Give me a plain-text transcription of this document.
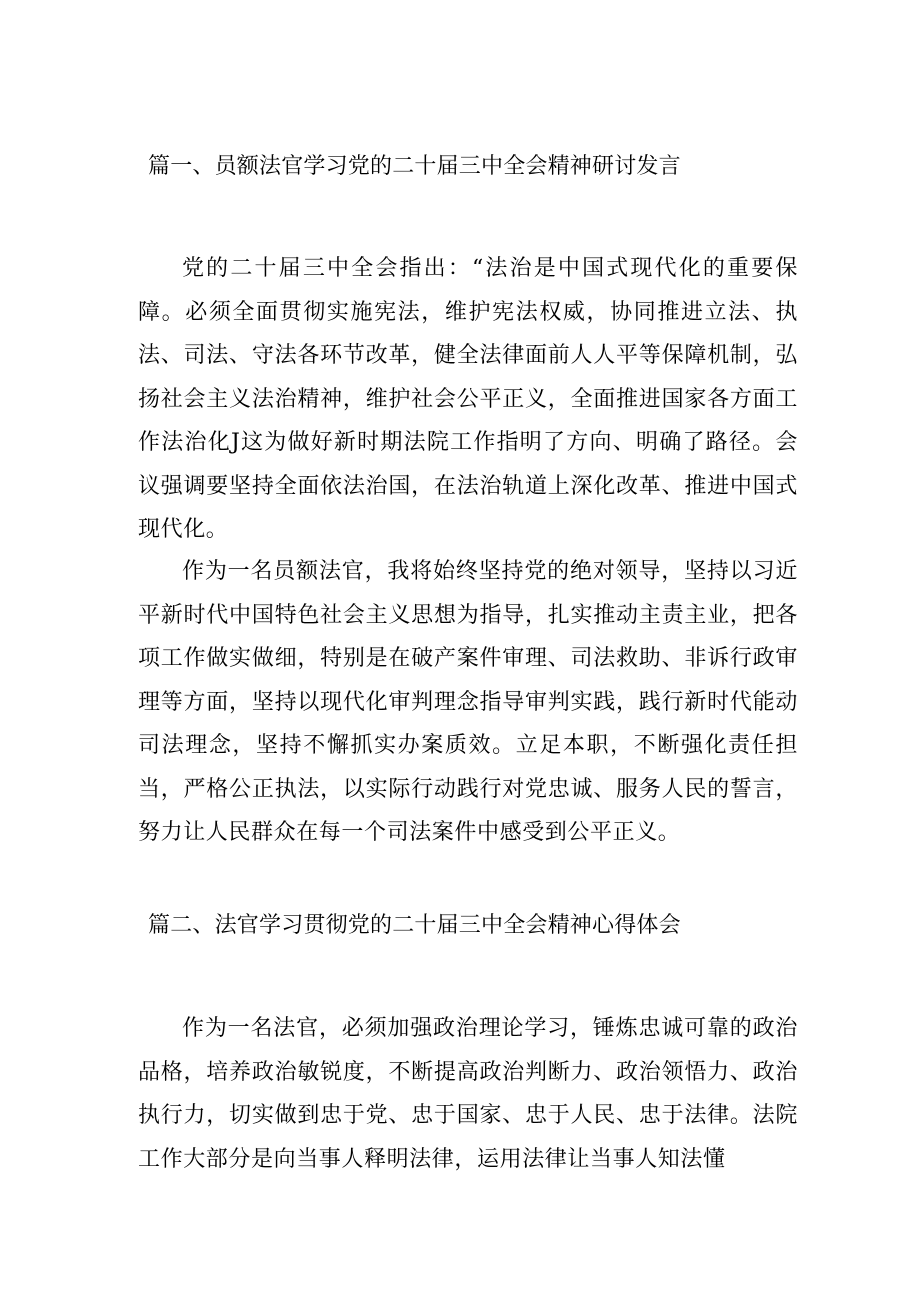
篇一、员额法官学习党的二十届三中全会精神研讨发言

党的二十届三中全会指出：“法治是中国式现代化的重要保障。必须全面贯彻实施宪法，维护宪法权威，协同推进立法、执法、司法、守法各环节改革，健全法律面前人人平等保障机制，弘扬社会主义法治精神，维护社会公平正义，全面推进国家各方面工作法治化J这为做好新时期法院工作指明了方向、明确了路径。会议强调要坚持全面依法治国，在法治轨道上深化改革、推进中国式现代化。

作为一名员额法官，我将始终坚持党的绝对领导，坚持以习近平新时代中国特色社会主义思想为指导，扎实推动主责主业，把各项工作做实做细，特别是在破产案件审理、司法救助、非诉行政审理等方面，坚持以现代化审判理念指导审判实践，践行新时代能动司法理念，坚持不懈抓实办案质效。立足本职，不断强化责任担当，严格公正执法，以实际行动践行对党忠诚、服务人民的誓言，努力让人民群众在每一个司法案件中感受到公平正义。

篇二、法官学习贯彻党的二十届三中全会精神心得体会

作为一名法官，必须加强政治理论学习，锤炼忠诚可靠的政治品格，培养政治敏锐度，不断提高政治判断力、政治领悟力、政治执行力，切实做到忠于党、忠于国家、忠于人民、忠于法律。法院工作大部分是向当事人释明法律，运用法律让当事人知法懂
